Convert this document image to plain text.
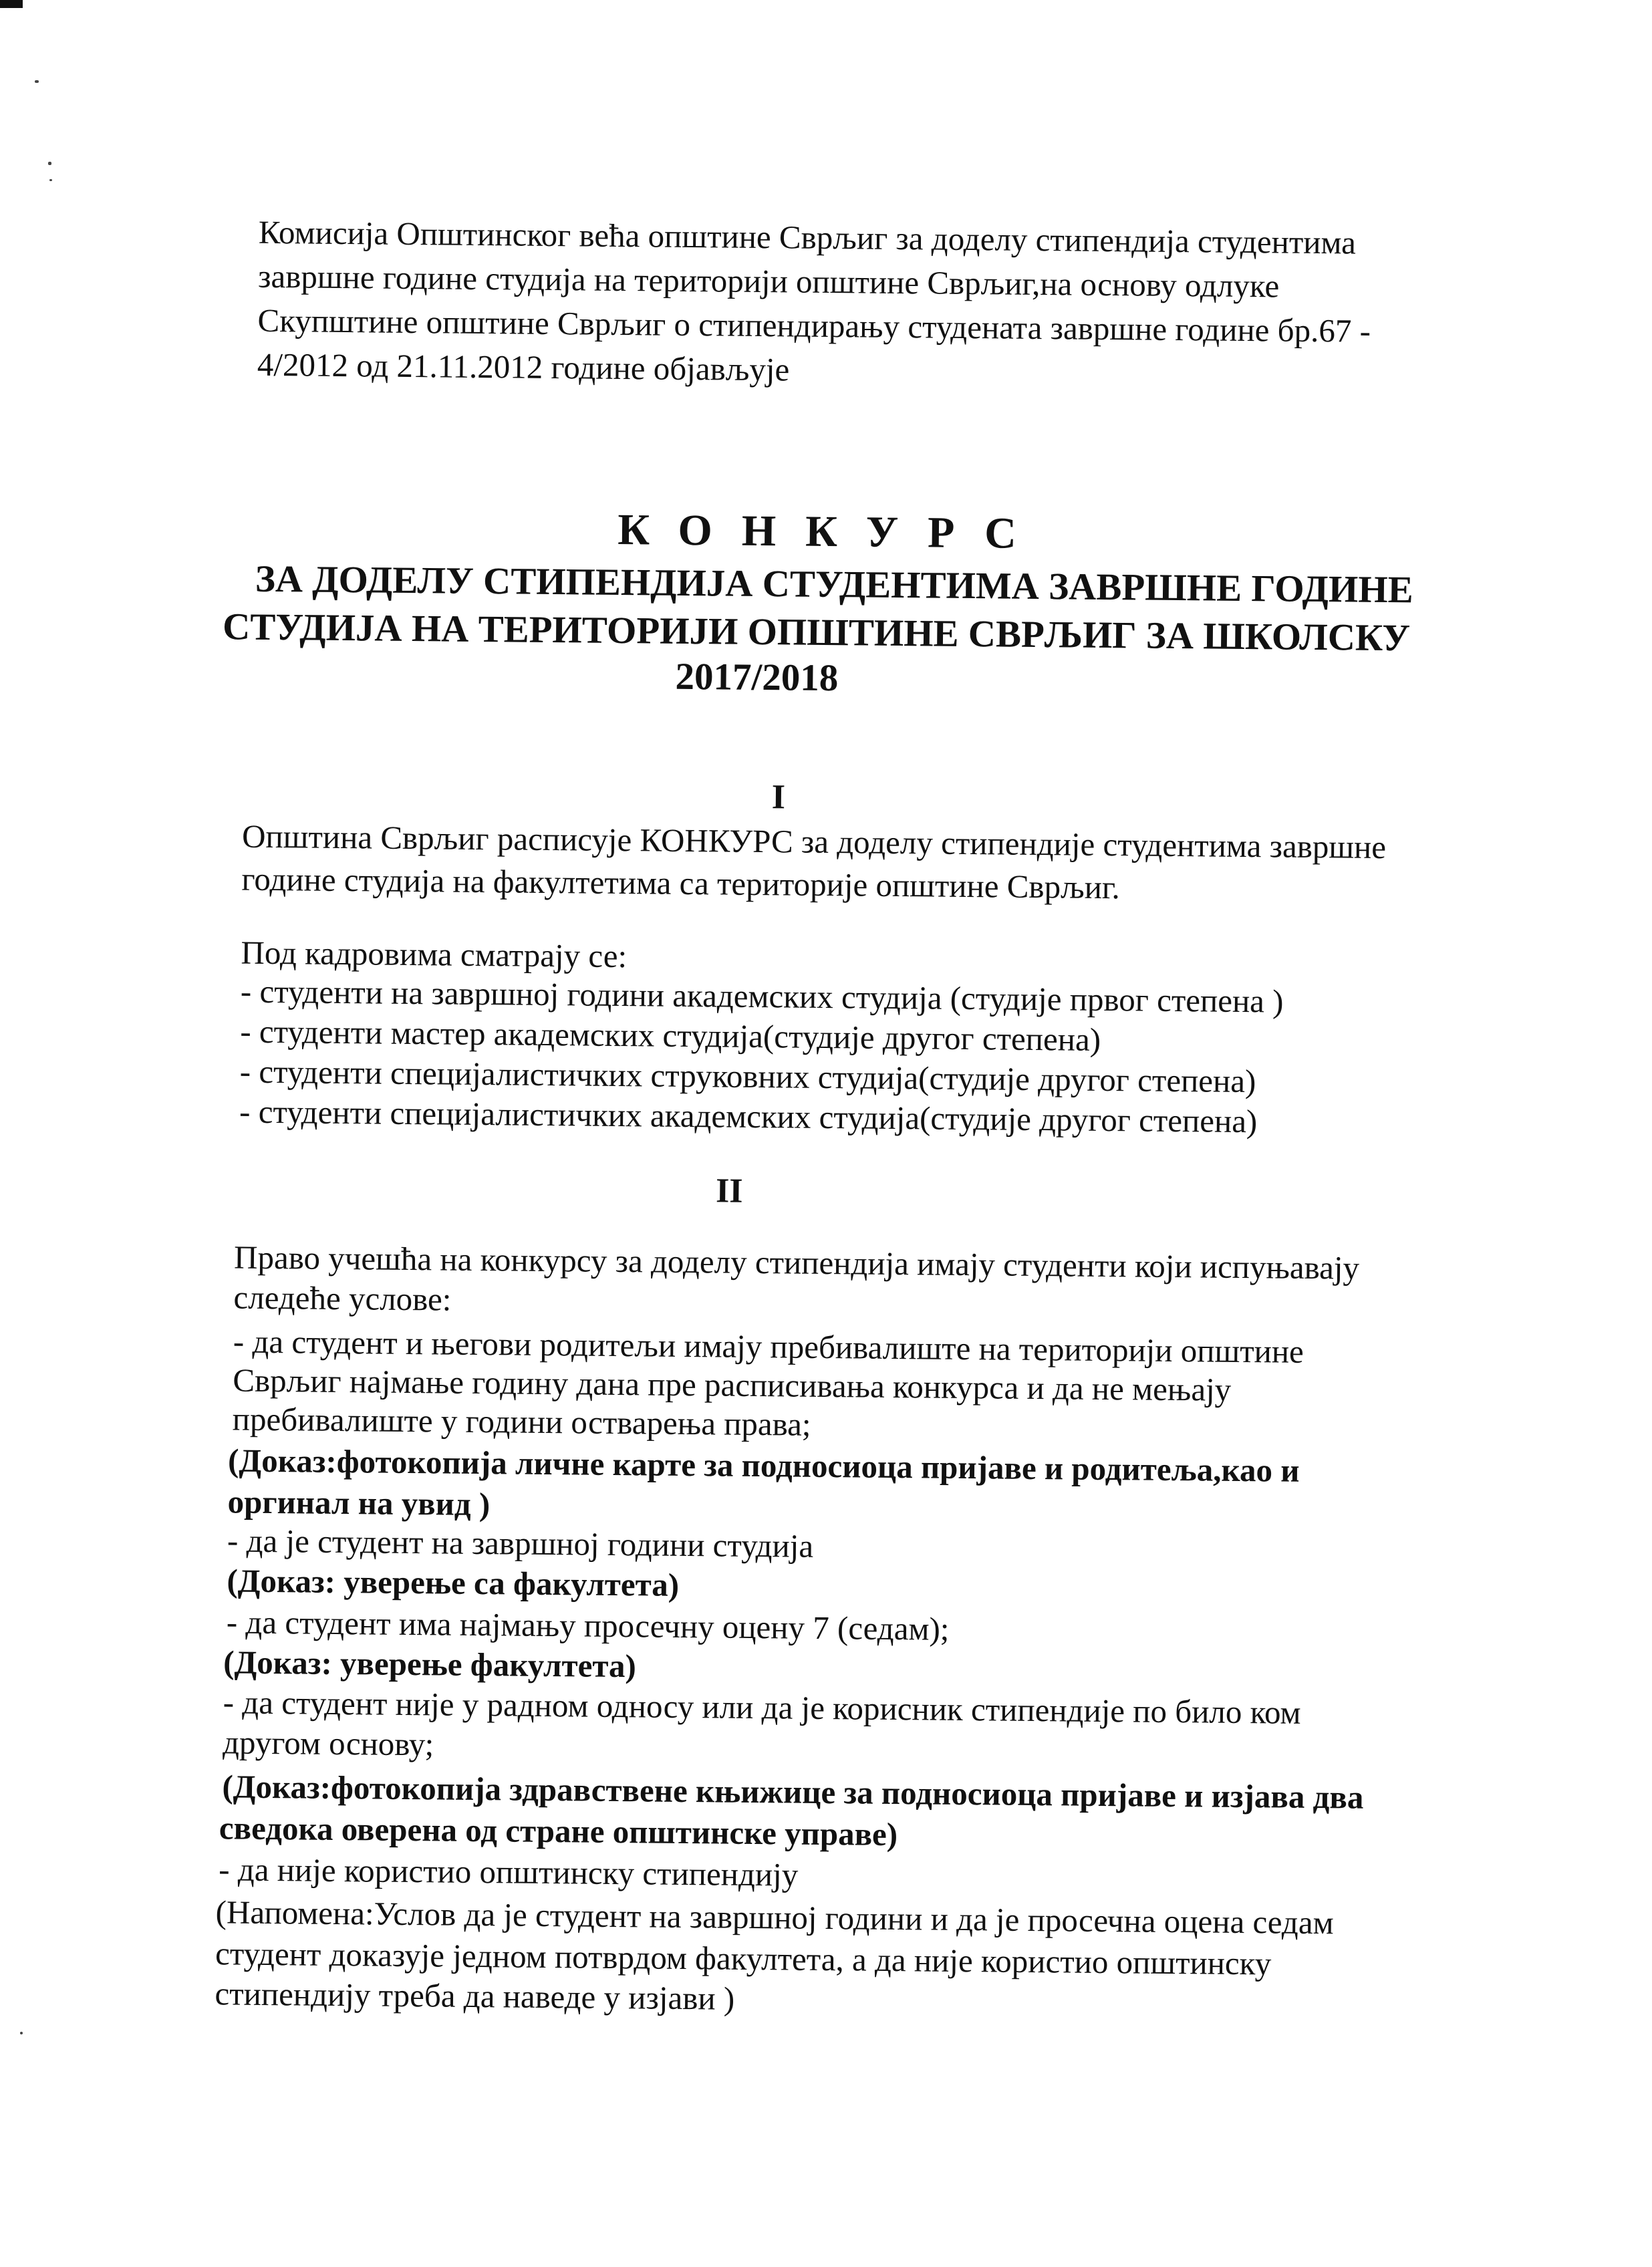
Комисија Општинског већа општине Сврљиг за доделу стипендија студентима
завршне године студија на територији општине Сврљиг,на основу одлуке
Скупштине општине Сврљиг о стипендирању студената завршне године бр.67 -
4/2012 од 21.11.2012 године објављује
КОНКУРС
ЗА ДОДЕЛУ СТИПЕНДИЈА СТУДЕНТИМА ЗАВРШНЕ ГОДИНЕ
СТУДИЈА НА ТЕРИТОРИЈИ ОПШТИНЕ СВРЉИГ ЗА ШКОЛСКУ
2017/2018
I
Општина Сврљиг расписује КОНКУРС за доделу стипендије студентима завршне
године студија на факултетима са територије општине Сврљиг.
Под кадровима сматрају се:
- студенти на завршној години академских студија (студије првог степена )
- студенти мастер академских студија(студије другог степена)
- студенти специјалистичких струковних студија(студије другог степена)
- студенти специјалистичких академских студија(студије другог степена)
II
Право учешћа на конкурсу за доделу стипендија имају студенти који испуњавају
следеће услове:
- да студент и његови родитељи имају пребивалиште на територији општине
Сврљиг најмање годину дана пре расписивања конкурса и да не мењају
пребивалиште у години остварења права;
(Доказ:фотокопија личне карте за подносиоца пријаве и родитеља,као и
оргинал на увид )
- да је студент на завршној години студија
(Доказ: уверење са факултета)
- да студент има најмању просечну оцену 7 (седам);
(Доказ: уверење факултета)
- да студент није у радном односу или да је корисник стипендије по било ком
другом основу;
(Доказ:фотокопија здравствене књижице за подносиоца пријаве и изјава два
сведока оверена од стране општинске управе)
- да није користио општинску стипендију
(Напомена:Услов да је студент на завршној години и да је просечна оцена седам
студент доказује једном потврдом факултета, а да није користио општинску
стипендију треба да наведе у изјави )
